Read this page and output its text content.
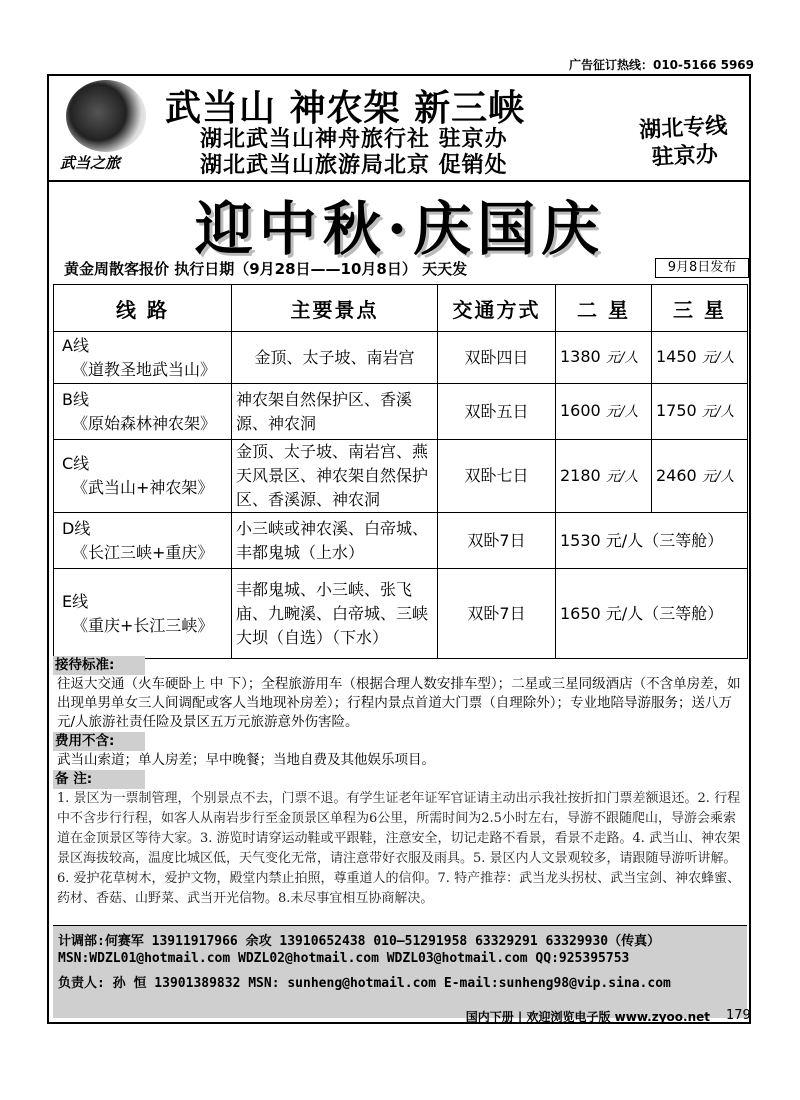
广告征订热线：010-5166 5969
武当之旅
武当山 神农架 新三峡
湖北武当山神舟旅行社 驻京办
湖北武当山旅游局北京 促销处
湖北专线
驻京办
迎中秋·庆国庆
黄金周散客报价 执行日期（9月28日——10月8日） 天天发	9月8日发布
线 路	主要景点	交通方式	二 星	三 星

A线
《道教圣地武当山》	金顶、太子坡、南岩宫	双卧四日	1380 元/人	1450 元/人

B线
《原始森林神农架》	神农架自然保护区、香溪源、神农洞	双卧五日	1600 元/人	1750 元/人

C线
《武当山+神农架》	金顶、太子坡、南岩宫、燕天风景区、神农架自然保护区、香溪源、神农洞	双卧七日	2180 元/人	2460 元/人

D线
《长江三峡+重庆》	小三峡或神农溪、白帝城、丰都鬼城（上水）	双卧7日	1530 元/人（三等舱）	

E线
《重庆+长江三峡》	丰都鬼城、小三峡、张飞庙、九畹溪、白帝城、三峡大坝（自选）（下水）	双卧7日	1650 元/人（三等舱）	
接待标准:
往返大交通（火车硬卧上 中 下）；全程旅游用车（根据合理人数安排车型）；二星或三星同级酒店（不含单房差，如出现单男单女三人间调配或客人当地现补房差）；行程内景点首道大门票（自理除外）；专业地陪导游服务；送八万元/人旅游社责任险及景区五万元旅游意外伤害险。
费用不含:
武当山索道；单人房差；早中晚餐；当地自费及其他娱乐项目。
备 注:
1. 景区为一票制管理，个别景点不去，门票不退。有学生证老年证军官证请主动出示我社按折扣门票差额退还。2. 行程中不含步行行程，如客人从南岩步行至金顶景区单程为6公里，所需时间为2.5小时左右，导游不跟随爬山，导游会乘索道在金顶景区等待大家。3. 游览时请穿运动鞋或平跟鞋，注意安全，切记走路不看景，看景不走路。4. 武当山、神农架景区海拔较高，温度比城区低，天气变化无常，请注意带好衣服及雨具。5. 景区内人文景观较多，请跟随导游听讲解。6. 爱护花草树木，爱护文物，殿堂内禁止拍照，尊重道人的信仰。7. 特产推荐：武当龙头拐杖、武当宝剑、神农蜂蜜、药材、香菇、山野菜、武当开光信物。8.未尽事宜相互协商解决。
计调部:何赛军 13911917966 余攻 13910652438 010—51291958 63329291 63329930（传真）
MSN:WDZL01@hotmail.com WDZL02@hotmail.com WDZL03@hotmail.com QQ:925395753
负责人: 孙 恒 13901389832 MSN: sunheng@hotmail.com E-mail:sunheng98@vip.sina.com
国内下册 | 欢迎浏览电子版 www.zyoo.net 179
